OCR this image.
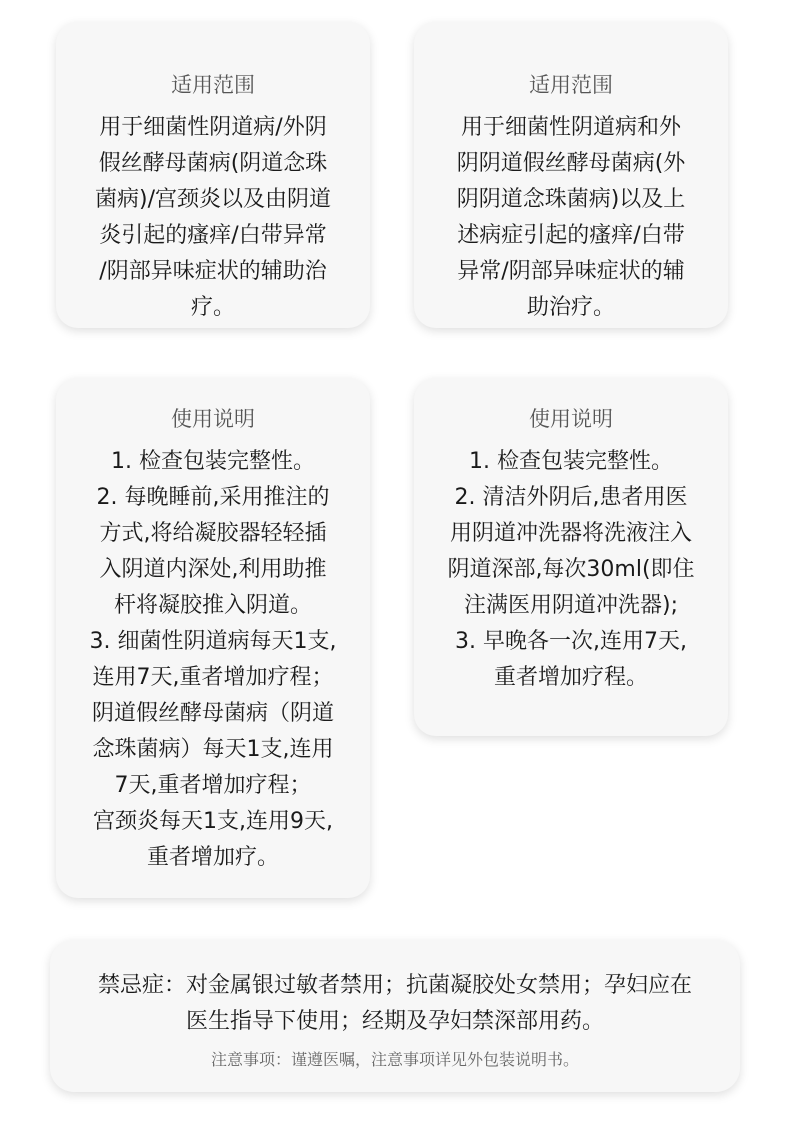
适用范围

用于细菌性阴道病/外阴
假丝酵母菌病(阴道念珠
菌病)/宫颈炎以及由阴道
炎引起的瘙痒/白带异常
/阴部异味症状的辅助治
疗。

适用范围

用于细菌性阴道病和外
阴阴道假丝酵母菌病(外
阴阴道念珠菌病)以及上
述病症引起的瘙痒/白带
异常/阴部异味症状的辅
助治疗。

使用说明

1. 检查包装完整性。
2. 每晚睡前,采用推注的
方式,将给凝胶器轻轻插
入阴道内深处,利用助推
杆将凝胶推入阴道。
3. 细菌性阴道病每天1支,
连用7天,重者增加疗程；
阴道假丝酵母菌病（阴道
念珠菌病）每天1支,连用
7天,重者增加疗程；
宫颈炎每天1支,连用9天,
重者增加疗。

使用说明

1. 检查包装完整性。
2. 清洁外阴后,患者用医
用阴道冲洗器将洗液注入
阴道深部,每次30ml(即住
注满医用阴道冲洗器);
3. 早晚各一次,连用7天,
重者增加疗程。

禁忌症：对金属银过敏者禁用；抗菌凝胶处女禁用；孕妇应在
医生指导下使用；经期及孕妇禁深部用药。

注意事项：谨遵医嘱，注意事项详见外包装说明书。
